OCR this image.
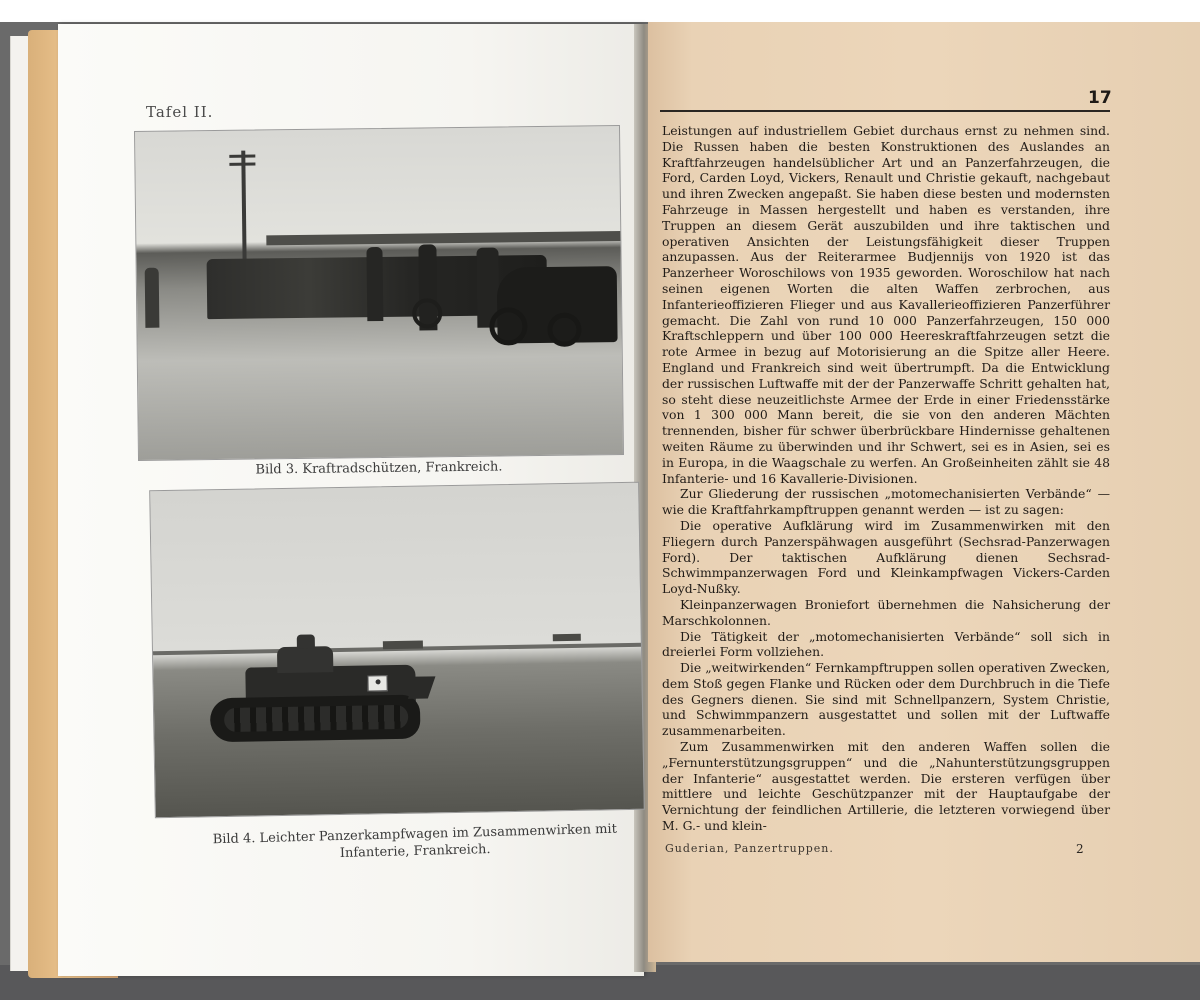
Tafel II.
Bild 3. Kraftradschützen, Frankreich.
Bild 4. Leichter Panzerkampfwagen im Zusammenwirken mit Infanterie, Frankreich.
17

Leistungen auf industriellem Gebiet durchaus ernst zu nehmen sind. Die Russen haben die besten Konstruktionen des Auslandes an Kraftfahrzeugen handelsüblicher Art und an Panzerfahrzeugen, die Ford, Carden Loyd, Vickers, Renault und Christie gekauft, nachgebaut und ihren Zwecken angepaßt. Sie haben diese besten und modernsten Fahrzeuge in Massen hergestellt und haben es verstanden, ihre Truppen an diesem Gerät auszubilden und ihre taktischen und operativen Ansichten der Leistungsfähigkeit dieser Truppen anzupassen. Aus der Reiterarmee Budjennijs von 1920 ist das Panzerheer Woroschilows von 1935 geworden. Woroschilow hat nach seinen eigenen Worten die alten Waffen zerbrochen, aus Infanterieoffizieren Flieger und aus Kavallerieoffizieren Panzerführer gemacht. Die Zahl von rund 10 000 Panzerfahrzeugen, 150 000 Kraftschleppern und über 100 000 Heereskraftfahrzeugen setzt die rote Armee in bezug auf Motorisierung an die Spitze aller Heere. England und Frankreich sind weit übertrumpft. Da die Entwicklung der russischen Luftwaffe mit der der Panzerwaffe Schritt gehalten hat, so steht diese neuzeitlichste Armee der Erde in einer Friedensstärke von 1 300 000 Mann bereit, die sie von den anderen Mächten trennenden, bisher für schwer überbrückbare Hindernisse gehaltenen weiten Räume zu überwinden und ihr Schwert, sei es in Asien, sei es in Europa, in die Waagschale zu werfen. An Großeinheiten zählt sie 48 Infanterie- und 16 Kavallerie-Divisionen.

Zur Gliederung der russischen „motomechanisierten Verbände“ — wie die Kraftfahrkampftruppen genannt werden — ist zu sagen:

Die operative Aufklärung wird im Zusammenwirken mit den Fliegern durch Panzerspähwagen ausgeführt (Sechsrad-Panzerwagen Ford). Der taktischen Aufklärung dienen Sechsrad-Schwimmpanzerwagen Ford und Kleinkampfwagen Vickers-Carden Loyd-Nußky.

Kleinpanzerwagen Broniefort übernehmen die Nahsicherung der Marschkolonnen.

Die Tätigkeit der „motomechanisierten Verbände“ soll sich in dreierlei Form vollziehen.

Die „weitwirkenden“ Fernkampftruppen sollen operativen Zwecken, dem Stoß gegen Flanke und Rücken oder dem Durchbruch in die Tiefe des Gegners dienen. Sie sind mit Schnellpanzern, System Christie, und Schwimmpanzern ausgestattet und sollen mit der Luftwaffe zusammenarbeiten.

Zum Zusammenwirken mit den anderen Waffen sollen die „Fernunterstützungsgruppen“ und die „Nahunterstützungsgruppen der Infanterie“ ausgestattet werden. Die ersteren verfügen über mittlere und leichte Geschützpanzer mit der Hauptaufgabe der Vernichtung der feindlichen Artillerie, die letzteren vorwiegend über M. G.- und klein-

Guderian, Panzertruppen.	2
